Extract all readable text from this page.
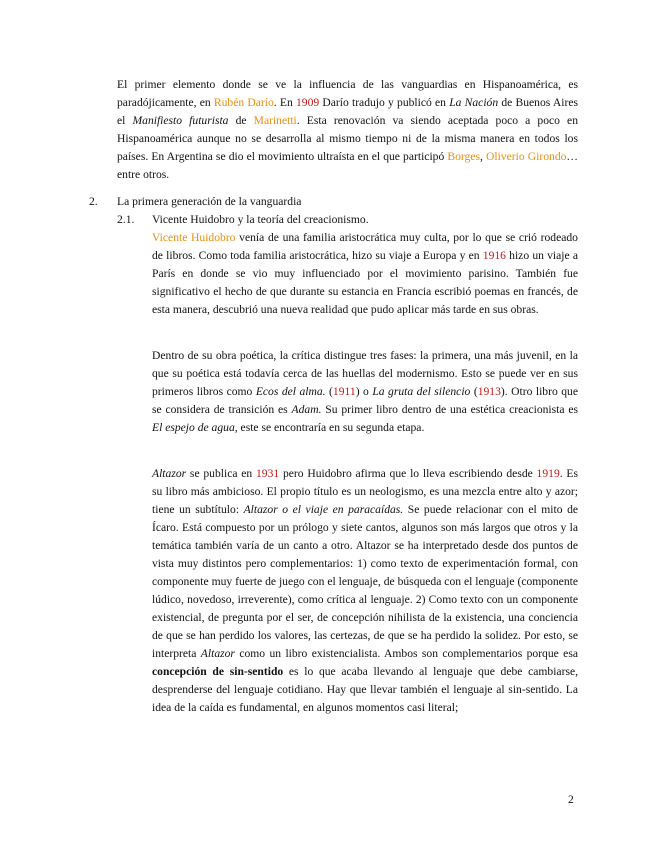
El primer elemento donde se ve la influencia de las vanguardias en Hispanoamérica, es paradójicamente, en Rubén Darío. En 1909 Darío tradujo y publicó en La Nación de Buenos Aires el Manifiesto futurista de Marinetti. Esta renovación va siendo aceptada poco a poco en Hispanoamérica aunque no se desarrolla al mismo tiempo ni de la misma manera en todos los países. En Argentina se dio el movimiento ultraísta en el que participó Borges, Oliverio Girondo… entre otros.

2. La primera generación de la vanguardia
2.1. Vicente Huidobro y la teoría del creacionismo.

Vicente Huidobro venía de una familia aristocrática muy culta, por lo que se crió rodeado de libros. Como toda familia aristocrática, hizo su viaje a Europa y en 1916 hizo un viaje a París en donde se vio muy influenciado por el movimiento parisino. También fue significativo el hecho de que durante su estancia en Francia escribió poemas en francés, de esta manera, descubrió una nueva realidad que pudo aplicar más tarde en sus obras.

Dentro de su obra poética, la crítica distingue tres fases: la primera, una más juvenil, en la que su poética está todavía cerca de las huellas del modernismo. Esto se puede ver en sus primeros libros como Ecos del alma. (1911) o La gruta del silencio (1913). Otro libro que se considera de transición es Adam. Su primer libro dentro de una estética creacionista es El espejo de agua, este se encontraría en su segunda etapa.

Altazor se publica en 1931 pero Huidobro afirma que lo lleva escribiendo desde 1919. Es su libro más ambicioso. El propio título es un neologismo, es una mezcla entre alto y azor; tiene un subtítulo: Altazor o el viaje en paracaídas. Se puede relacionar con el mito de Ícaro. Está compuesto por un prólogo y siete cantos, algunos son más largos que otros y la temática también varía de un canto a otro. Altazor se ha interpretado desde dos puntos de vista muy distintos pero complementarios: 1) como texto de experimentación formal, con componente muy fuerte de juego con el lenguaje, de búsqueda con el lenguaje (componente lúdico, novedoso, irreverente), como crítica al lenguaje. 2) Como texto con un componente existencial, de pregunta por el ser, de concepción nihilista de la existencia, una conciencia de que se han perdido los valores, las certezas, de que se ha perdido la solidez. Por esto, se interpreta Altazor como un libro existencialista. Ambos son complementarios porque esa concepción de sin-sentido es lo que acaba llevando al lenguaje que debe cambiarse, desprenderse del lenguaje cotidiano. Hay que llevar también el lenguaje al sin-sentido. La idea de la caída es fundamental, en algunos momentos casi literal;

2
